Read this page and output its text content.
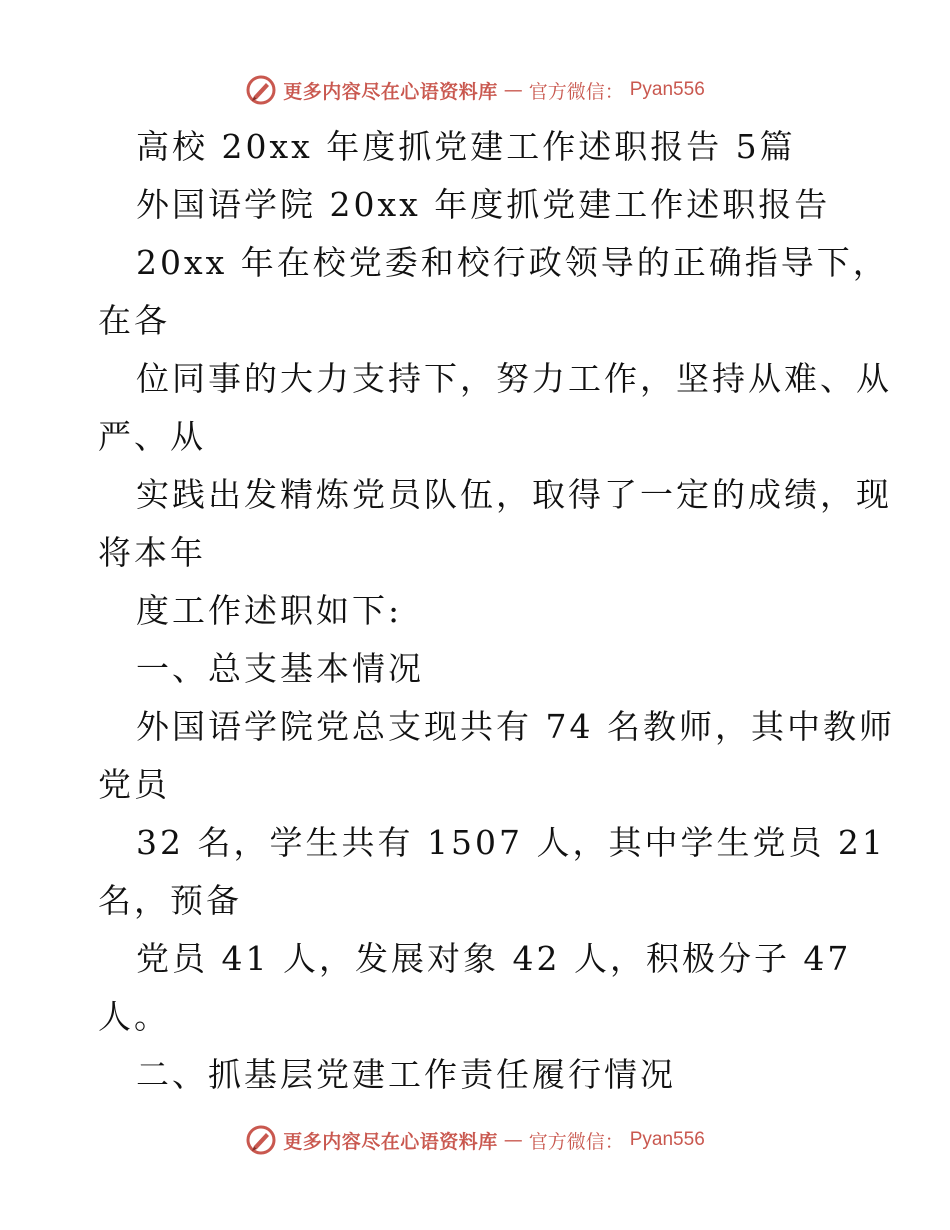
更多内容尽在心语资料库 — 官方微信： Pyan556
高校 20xx 年度抓党建工作述职报告 5篇
外国语学院 20xx 年度抓党建工作述职报告
20xx 年在校党委和校行政领导的正确指导下，
在各
位同事的大力支持下，努力工作，坚持从难、从
严、从
实践出发精炼党员队伍，取得了一定的成绩，现
将本年
度工作述职如下:
一、总支基本情况
外国语学院党总支现共有 74 名教师，其中教师
党员
32 名，学生共有 1507 人，其中学生党员 21
名，预备
党员 41 人，发展对象 42 人，积极分子 47
人。
二、抓基层党建工作责任履行情况
更多内容尽在心语资料库 — 官方微信： Pyan556
